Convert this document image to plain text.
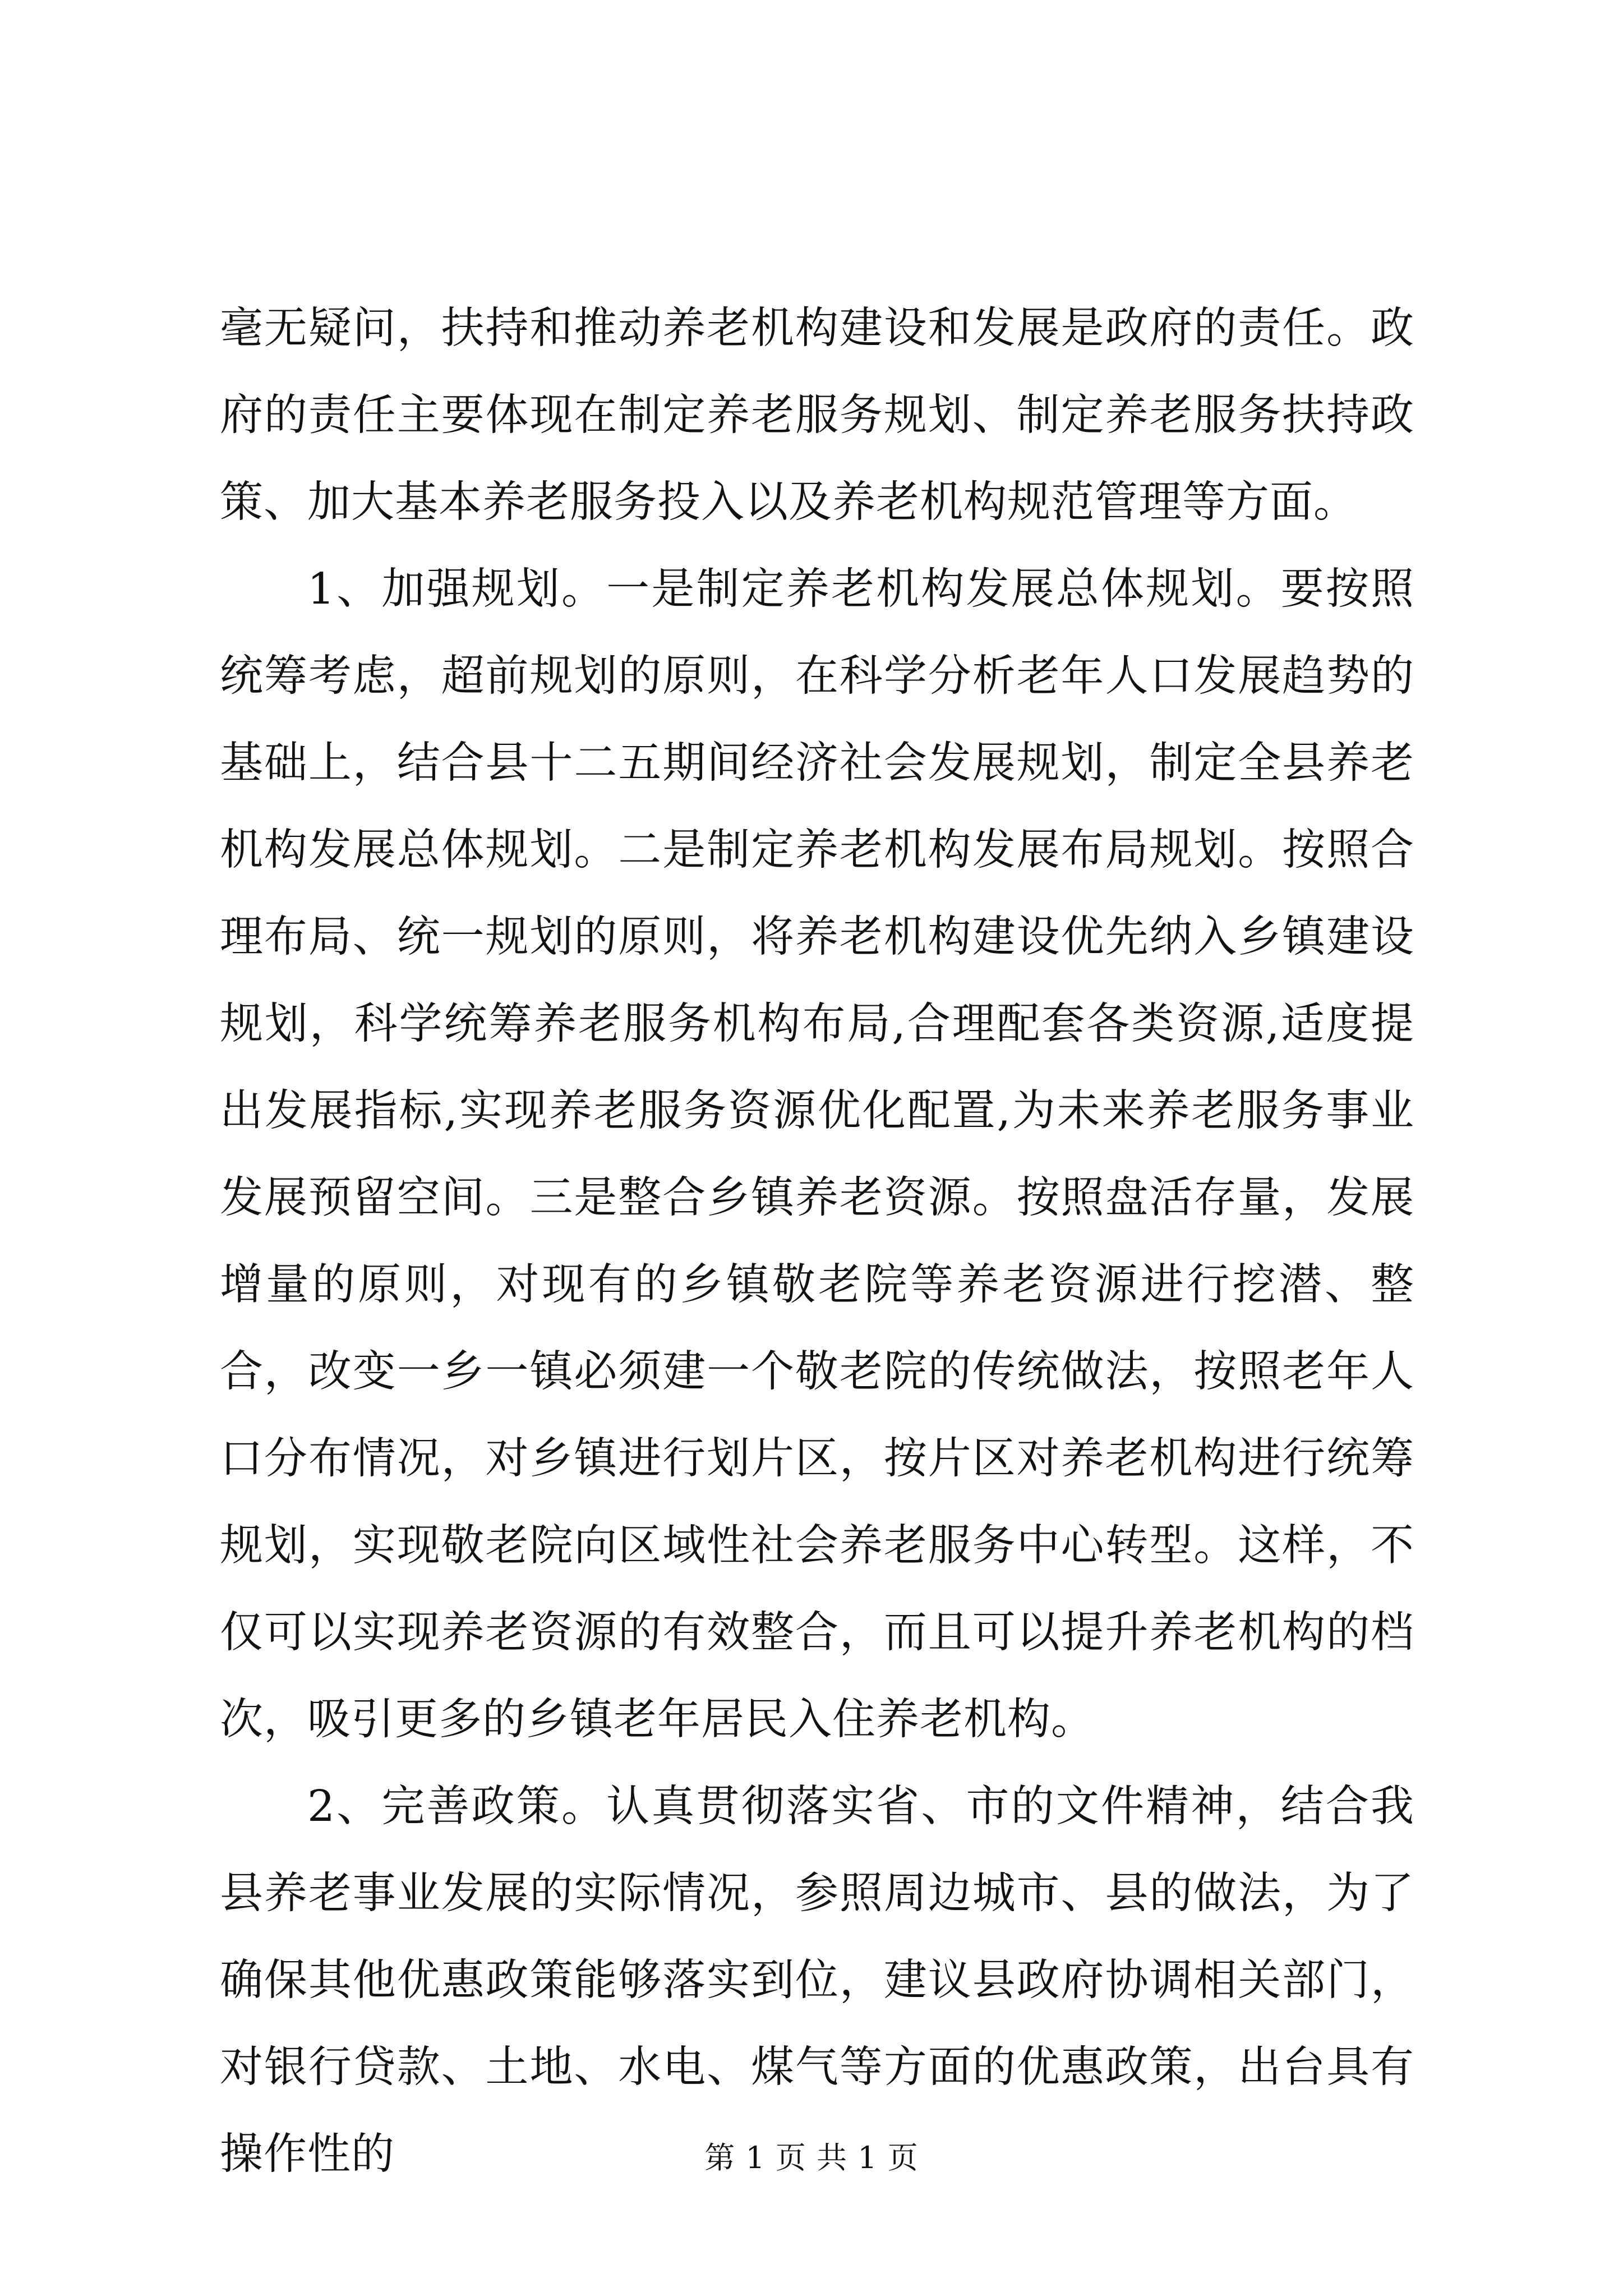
毫无疑问，扶持和推动养老机构建设和发展是政府的责任。政府的责任主要体现在制定养老服务规划、制定养老服务扶持政策、加大基本养老服务投入以及养老机构规范管理等方面。

1、加强规划。一是制定养老机构发展总体规划。要按照统筹考虑，超前规划的原则，在科学分析老年人口发展趋势的基础上，结合县十二五期间经济社会发展规划，制定全县养老机构发展总体规划。二是制定养老机构发展布局规划。按照合理布局、统一规划的原则，将养老机构建设优先纳入乡镇建设规划，科学统筹养老服务机构布局,合理配套各类资源,适度提出发展指标,实现养老服务资源优化配置,为未来养老服务事业发展预留空间。三是整合乡镇养老资源。按照盘活存量，发展增量的原则，对现有的乡镇敬老院等养老资源进行挖潜、整合，改变一乡一镇必须建一个敬老院的传统做法，按照老年人口分布情况，对乡镇进行划片区，按片区对养老机构进行统筹规划，实现敬老院向区域性社会养老服务中心转型。这样，不仅可以实现养老资源的有效整合，而且可以提升养老机构的档次，吸引更多的乡镇老年居民入住养老机构。

2、完善政策。认真贯彻落实省、市的文件精神，结合我县养老事业发展的实际情况，参照周边城市、县的做法，为了确保其他优惠政策能够落实到位，建议县政府协调相关部门，对银行贷款、土地、水电、煤气等方面的优惠政策，出台具有操作性的	第 1 页 共 1 页
